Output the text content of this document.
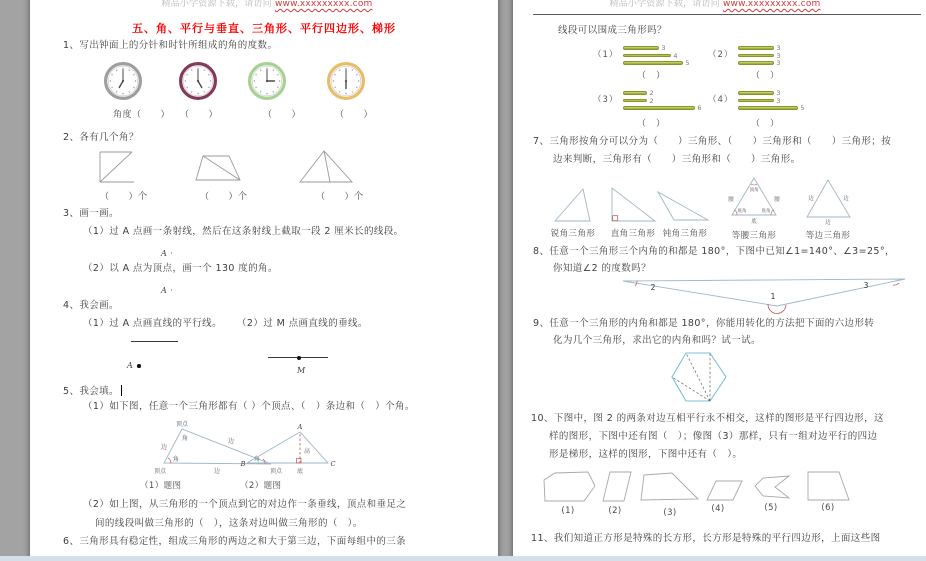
精品小学资源下载，请访问 www.xxxxxxxxx.com
五、角、平行与垂直、三角形、平行四边形、梯形
1、写出钟面上的分针和时针所组成的角的度数。
角度（　　） （　　）	（　　）	（　　）
2、各有几个角？
（　　）个	（　　）个	（　　）个
3、画一画。
（1）过 A 点画一条射线，然后在这条射线上截取一段 2 厘米长的线段。
A ·
（2）以 A 点为顶点，画一个 130 度的角。
A ·
4、我会画。
（1）过 A 点画直线的平行线。 （2）过 M 点画直线的垂线。
A
M
5、我会填。
（1）如下图，任意一个三角形都有（ ）个顶点、（　）条边和（　）个角。
顶点
角
边
边
角	角
顶点	顶点
边
A
B	C
高
底
（1）题图	（2）题图
（2）如上图，从三角形的一个顶点到它的对边作一条垂线，顶点和垂足之
间的线段叫做三角形的（　），这条对边叫做三角形的（　）。
6、三角形具有稳定性，组成三角形的两边之和大于第三边，下面每组中的三条
精品小学资源下载，请访问 www.xxxxxxxxx.com
线段可以围成三角形吗？
（1）
3
4
5
（2）
3
3
3
（　）	（　）
（3）
2
2
6
（4）
3
3
5
（　）	（　）
7、三角形按角分可以分为（　　）三角形、（　　）三角形和（　　）三角形；按
边来判断，三角形有（　　）三角形和（　　）三角形。
顶角
腰	腰
底角	底角
底
边	边
边
锐角三角形 直角三角形 钝角三角形	等腰三角形	等边三角形
8、任意一个三角形三个内角的和都是 180°，下图中已知∠1=140°、∠3=25°，
你知道∠2 的度数吗？
2	3
1
9、任意一个三角形的内角和都是 180°，你能用转化的方法把下面的六边形转
化为几个三角形，求出它的内角和吗？试一试。
10、下图中，图 2 的两条对边互相平行永不相交，这样的图形是平行四边形，这
样的图形，下图中还有图（　）；像图（3）那样，只有一组对边平行的四边
形是梯形，这样的图形，下图中还有（　）。
(1)	(2)	(3)	(4)	(5)	(6)
11、我们知道正方形是特殊的长方形，长方形是特殊的平行四边形，上面这些图
